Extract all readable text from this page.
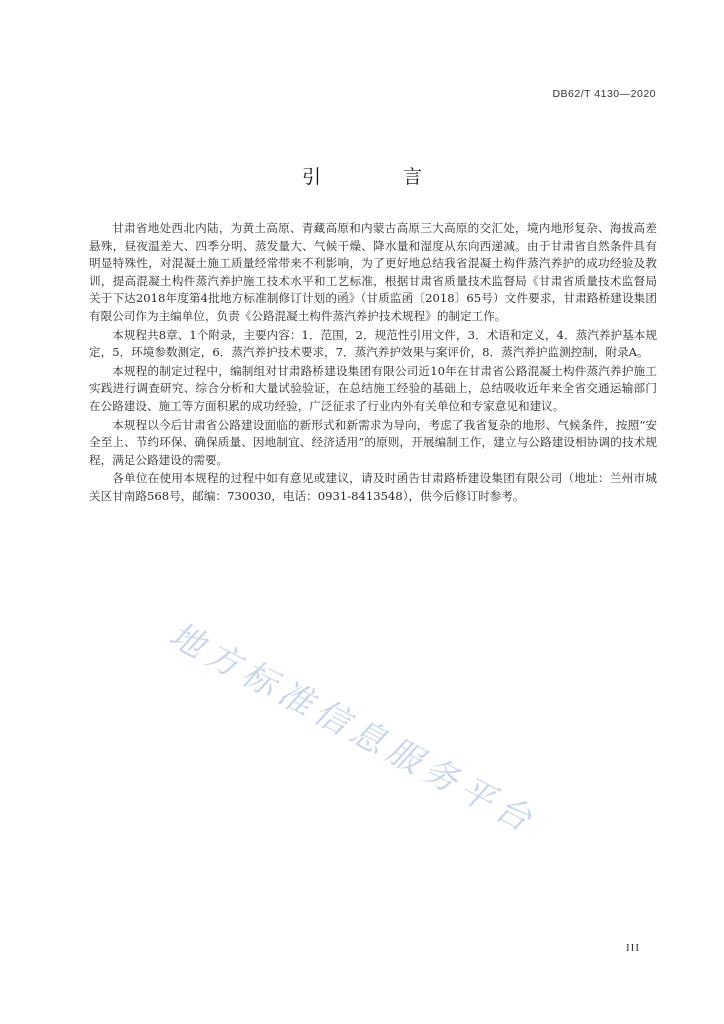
DB62/T 4130—2020
引 言

甘肃省地处西北内陆，为黄土高原、青藏高原和内蒙古高原三大高原的交汇处，境内地形复杂、海拔高差悬殊，昼夜温差大、四季分明、蒸发量大、气候干燥、降水量和湿度从东向西递减。由于甘肃省自然条件具有明显特殊性，对混凝土施工质量经常带来不利影响，为了更好地总结我省混凝土构件蒸汽养护的成功经验及教训，提高混凝土构件蒸汽养护施工技术水平和工艺标准，根据甘肃省质量技术监督局《甘肃省质量技术监督局关于下达2018年度第4批地方标准制修订计划的函》（甘质监函〔2018〕65号）文件要求，甘肃路桥建设集团有限公司作为主编单位，负责《公路混凝土构件蒸汽养护技术规程》的制定工作。

本规程共8章、1个附录，主要内容：1．范围，2．规范性引用文件，3．术语和定义，4．蒸汽养护基本规定，5．环境参数测定，6．蒸汽养护技术要求，7．蒸汽养护效果与案评价，8．蒸汽养护监测控制，附录A。

本规程的制定过程中，编制组对甘肃路桥建设集团有限公司近10年在甘肃省公路混凝土构件蒸汽养护施工实践进行调查研究、综合分析和大量试验验证，在总结施工经验的基础上，总结吸收近年来全省交通运输部门在公路建设、施工等方面积累的成功经验，广泛征求了行业内外有关单位和专家意见和建议。

本规程以今后甘肃省公路建设面临的新形式和新需求为导向，考虑了我省复杂的地形、气候条件，按照“安全至上、节约环保、确保质量、因地制宜、经济适用”的原则，开展编制工作，建立与公路建设相协调的技术规程，满足公路建设的需要。

各单位在使用本规程的过程中如有意见或建议，请及时函告甘肃路桥建设集团有限公司（地址：兰州市城关区甘南路568号，邮编：730030，电话：0931-8413548），供今后修订时参考。

地方标准信息服务平台
III
